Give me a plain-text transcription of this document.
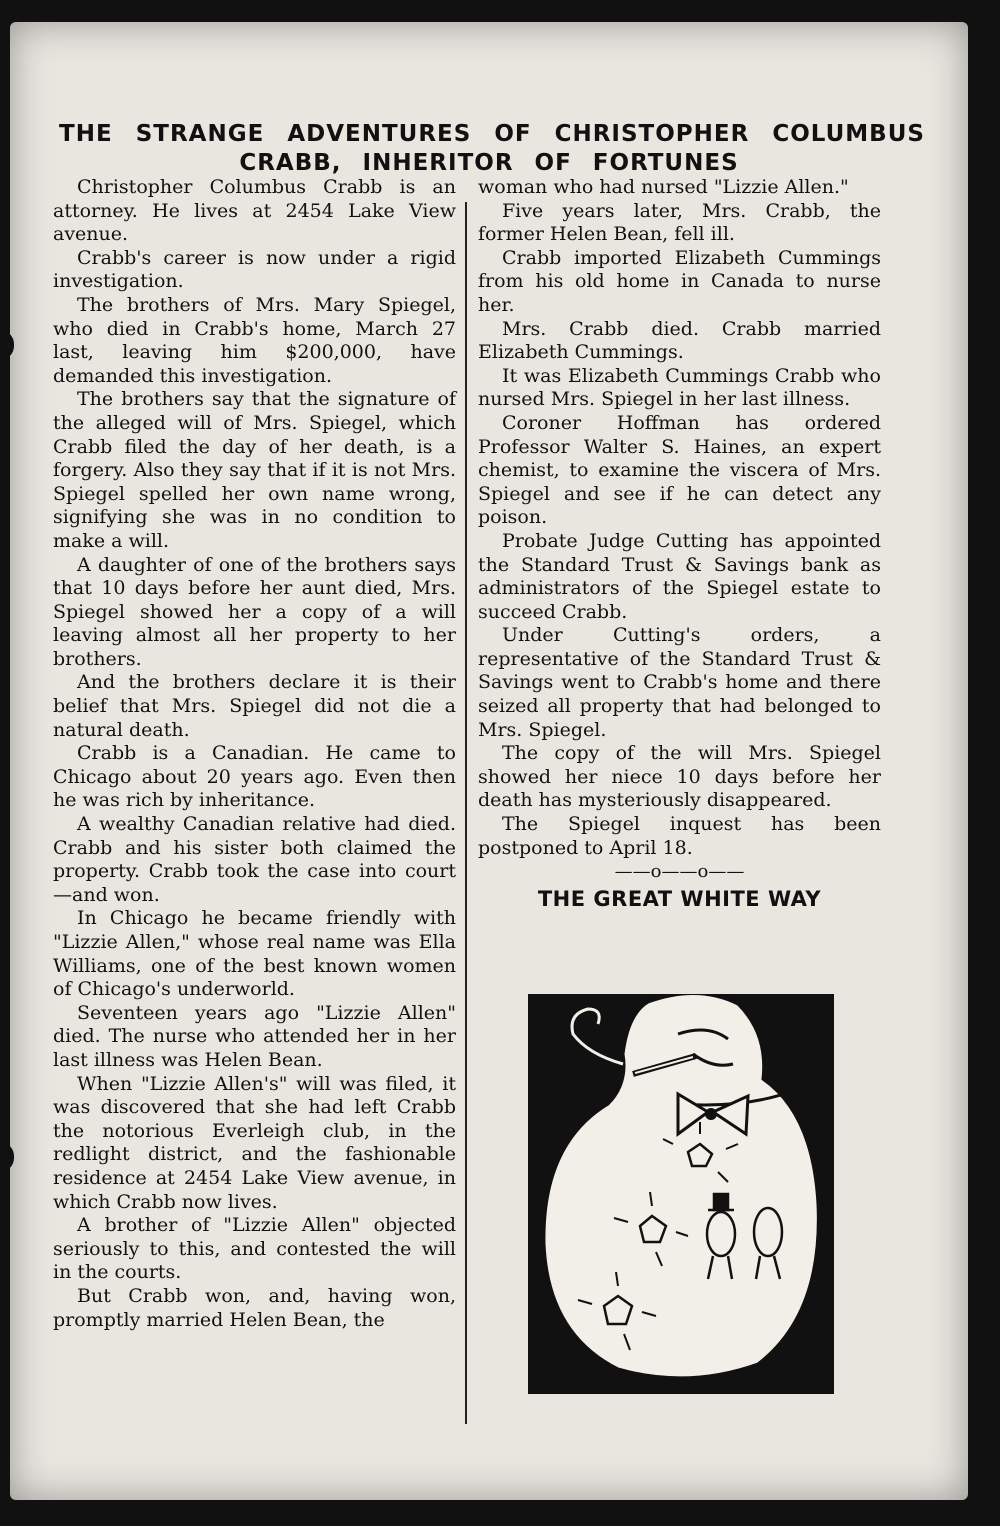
THE STRANGE ADVENTURES OF CHRISTOPHER COLUMBUS
CRABB, INHERITOR OF FORTUNES

Christopher Columbus Crabb is an attorney. He lives at 2454 Lake View avenue.

Crabb's career is now under a rigid investigation.

The brothers of Mrs. Mary Spiegel, who died in Crabb's home, March 27 last, leaving him $200,000, have demanded this investigation.

The brothers say that the signature of the alleged will of Mrs. Spiegel, which Crabb filed the day of her death, is a forgery. Also they say that if it is not Mrs. Spiegel spelled her own name wrong, signifying she was in no condition to make a will.

A daughter of one of the brothers says that 10 days before her aunt died, Mrs. Spiegel showed her a copy of a will leaving almost all her property to her brothers.

And the brothers declare it is their belief that Mrs. Spiegel did not die a natural death.

Crabb is a Canadian. He came to Chicago about 20 years ago. Even then he was rich by inheritance.

A wealthy Canadian relative had died. Crabb and his sister both claimed the property. Crabb took the case into court—and won.

In Chicago he became friendly with "Lizzie Allen," whose real name was Ella Williams, one of the best known women of Chicago's underworld.

Seventeen years ago "Lizzie Allen" died. The nurse who attended her in her last illness was Helen Bean.

When "Lizzie Allen's" will was filed, it was discovered that she had left Crabb the notorious Everleigh club, in the redlight district, and the fashionable residence at 2454 Lake View avenue, in which Crabb now lives.

A brother of "Lizzie Allen" objected seriously to this, and contested the will in the courts.

But Crabb won, and, having won, promptly married Helen Bean, the

woman who had nursed "Lizzie Allen."

Five years later, Mrs. Crabb, the former Helen Bean, fell ill.

Crabb imported Elizabeth Cummings from his old home in Canada to nurse her.

Mrs. Crabb died. Crabb married Elizabeth Cummings.

It was Elizabeth Cummings Crabb who nursed Mrs. Spiegel in her last illness.

Coroner Hoffman has ordered Professor Walter S. Haines, an expert chemist, to examine the viscera of Mrs. Spiegel and see if he can detect any poison.

Probate Judge Cutting has appointed the Standard Trust & Savings bank as administrators of the Spiegel estate to succeed Crabb.

Under Cutting's orders, a representative of the Standard Trust & Savings went to Crabb's home and there seized all property that had belonged to Mrs. Spiegel.

The copy of the will Mrs. Spiegel showed her niece 10 days before her death has mysteriously disappeared.

The Spiegel inquest has been postponed to April 18.

——o——o——

THE GREAT WHITE WAY
LEET.
